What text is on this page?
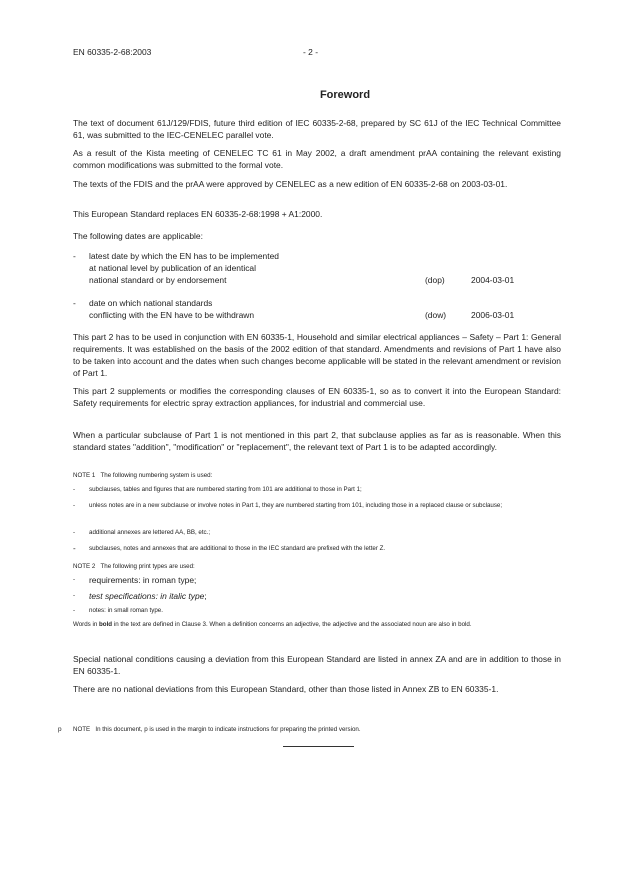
EN 60335-2-68:2003	- 2 -
Foreword
The text of document 61J/129/FDIS, future third edition of IEC 60335-2-68, prepared by SC 61J of the IEC Technical Committee 61, was submitted to the IEC-CENELEC parallel vote.
As a result of the Kista meeting of CENELEC TC 61 in May 2002, a draft amendment prAA containing the relevant existing common modifications was submitted to the formal vote.
The texts of the FDIS and the prAA were approved by CENELEC as a new edition of EN 60335-2-68 on 2003-03-01.
This European Standard replaces EN 60335-2-68:1998 + A1:2000.
The following dates are applicable:
- latest date by which the EN has to be implemented
at national level by publication of an identical
national standard or by endorsement	(dop)	2004-03-01
- date on which national standards
conflicting with the EN have to be withdrawn	(dow)	2006-03-01
This part 2 has to be used in conjunction with EN 60335-1, Household and similar electrical appliances – Safety – Part 1: General requirements. It was established on the basis of the 2002 edition of that standard. Amendments and revisions of Part 1 have also to be taken into account and the dates when such changes become applicable will be stated in the relevant amendment or revision of Part 1.
This part 2 supplements or modifies the corresponding clauses of EN 60335-1, so as to convert it into the European Standard: Safety requirements for electric spray extraction appliances, for industrial and commercial use.
When a particular subclause of Part 1 is not mentioned in this part 2, that subclause applies as far as is reasonable. When this standard states "addition", "modification" or "replacement", the relevant text of Part 1 is to be adapted accordingly.
NOTE 1 The following numbering system is used:
- subclauses, tables and figures that are numbered starting from 101 are additional to those in Part 1;
- unless notes are in a new subclause or involve notes in Part 1, they are numbered starting from 101, including those in a replaced clause or subclause;
- additional annexes are lettered AA, BB, etc.;
- subclauses, notes and annexes that are additional to those in the IEC standard are prefixed with the letter Z.
NOTE 2 The following print types are used:
- requirements: in roman type;
- test specifications: in italic type;
- notes: in small roman type.
Words in bold in the text are defined in Clause 3. When a definition concerns an adjective, the adjective and the associated noun are also in bold.
Special national conditions causing a deviation from this European Standard are listed in annex ZA and are in addition to those in EN 60335-1.
There are no national deviations from this European Standard, other than those listed in Annex ZB to EN 60335-1.
p NOTE In this document, p is used in the margin to indicate instructions for preparing the printed version.
